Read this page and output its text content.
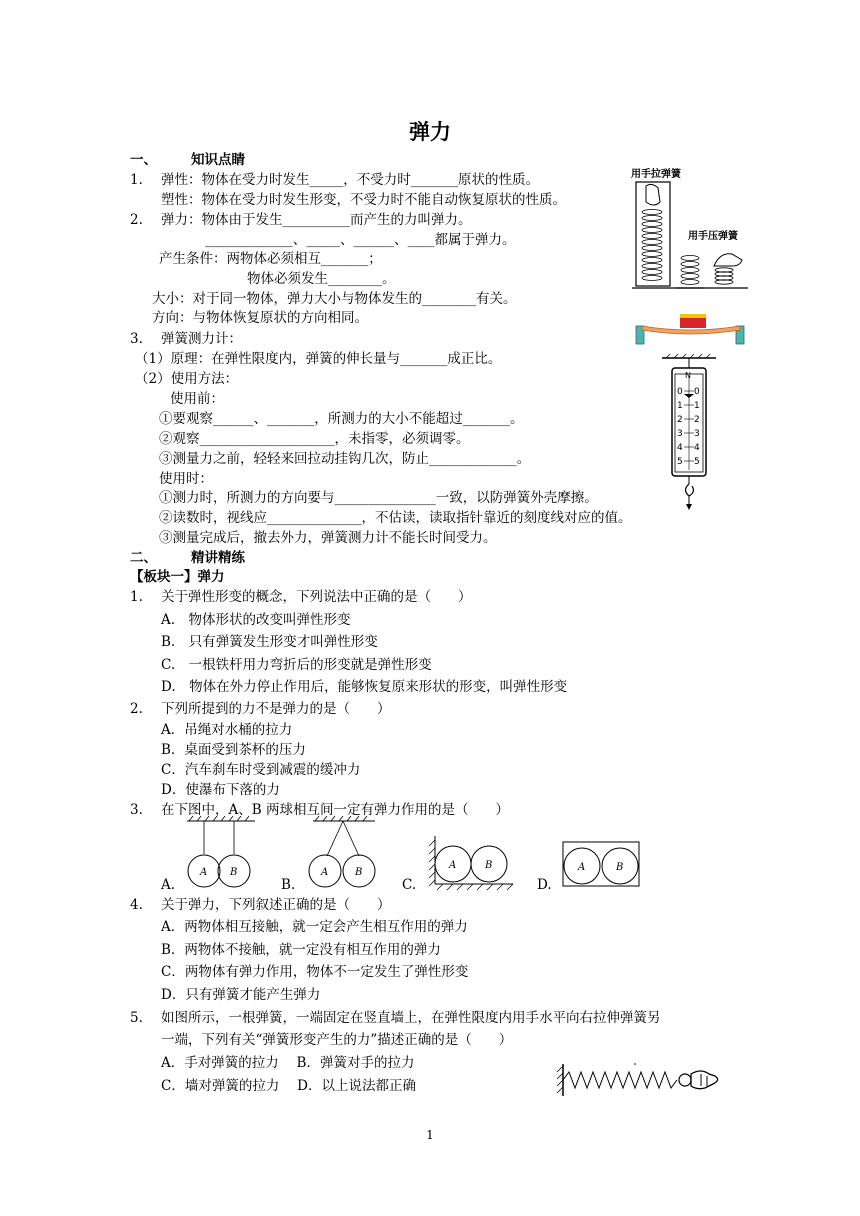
弹力
一、	知识点睛
1. 弹性：物体在受力时发生_____，不受力时_______原状的性质。
塑性：物体在受力时发生形变，不受力时不能自动恢复原状的性质。
2. 弹力：物体由于发生__________而产生的力叫弹力。
_____________、_____、______、____都属于弹力。
产生条件：两物体必须相互_______；
物体必须发生________。
大小：对于同一物体，弹力大小与物体发生的________有关。
方向：与物体恢复原状的方向相同。
3. 弹簧测力计：
（1）原理：在弹性限度内，弹簧的伸长量与_______成正比。
（2）使用方法：
使用前：
①要观察______、_______，所测力的大小不能超过_______。
②观察____________________，未指零，必须调零。
③测量力之前，轻轻来回拉动挂钩几次，防止_____________。
使用时：
①测力时，所测力的方向要与_______________一致，以防弹簧外壳摩擦。
②读数时，视线应______________，不估读，读取指针靠近的刻度线对应的值。
③测量完成后，撤去外力，弹簧测力计不能长时间受力。
二、	精讲精练
【板块一】弹力
1. 关于弹性形变的概念，下列说法中正确的是（　　）
A.　物体形状的改变叫弹性形变
B.　只有弹簧发生形变才叫弹性形变
C.　一根铁杆用力弯折后的形变就是弹性形变
D.　物体在外力停止作用后，能够恢复原来形状的形变，叫弹性形变
2. 下列所提到的力不是弹力的是（　　）
A．吊绳对水桶的拉力
B．桌面受到茶杯的压力
C．汽车刹车时受到减震的缓冲力
D．使瀑布下落的力
3. 在下图中，A、B 两球相互间一定有弹力作用的是（　　）
A.	B.	C.	D.
A B	A	B
A	B	A	B
4. 关于弹力，下列叙述正确的是（　　）
A．两物体相互接触，就一定会产生相互作用的弹力
B．两物体不接触，就一定没有相互作用的弹力
C．两物体有弹力作用，物体不一定发生了弹性形变
D．只有弹簧才能产生弹力
5. 如图所示，一根弹簧，一端固定在竖直墙上，在弹性限度内用手水平向右拉伸弹簧另
一端，下列有关“弹簧形变产生的力”描述正确的是（　　）
A．手对弹簧的拉力　 B．弹簧对手的拉力
C．墙对弹簧的拉力　 D．以上说法都正确
用手拉弹簧
用手压弹簧
N
0
1
2
3
4
5
0
1
2
3
4
5
1
